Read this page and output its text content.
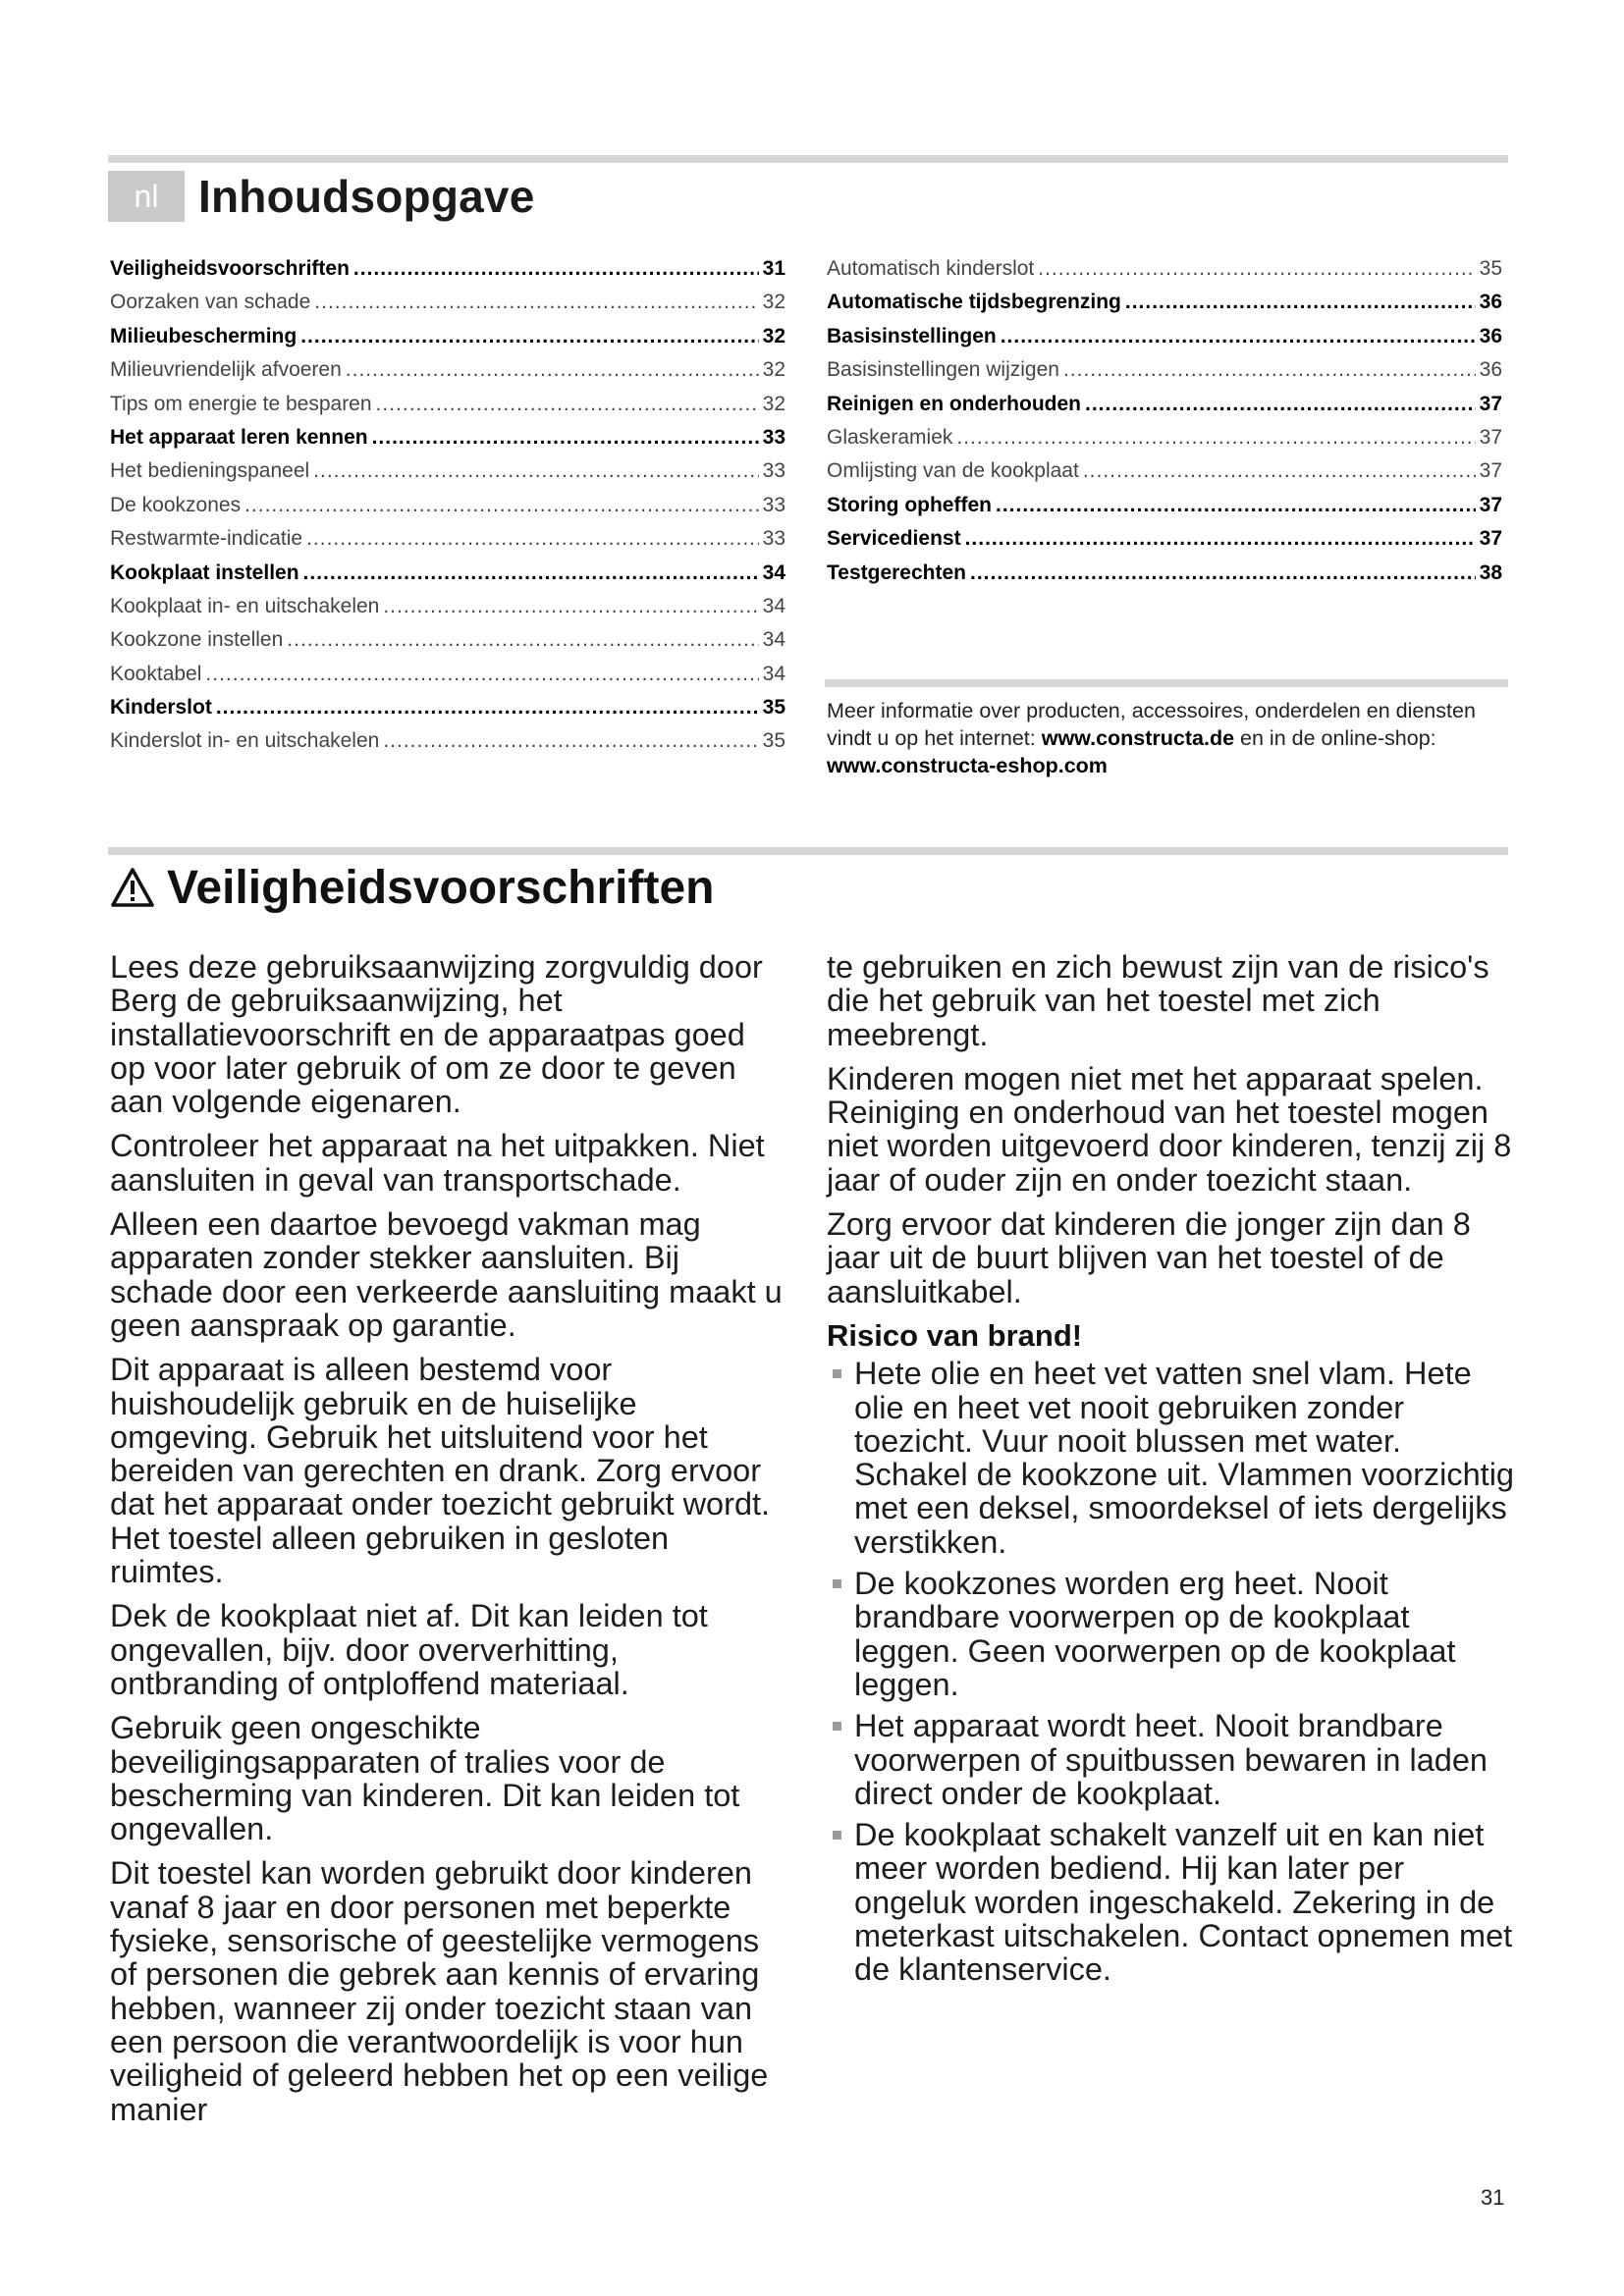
nl Inhoudsopgave
Veiligheidsvoorschriften .....	31
Oorzaken van schade .....	32
Milieubescherming .....	32
Milieuvriendelijk afvoeren .....	32
Tips om energie te besparen .....	32
Het apparaat leren kennen .....	33
Het bedieningspaneel .....	33
De kookzones .....	33
Restwarmte-indicatie .....	33
Kookplaat instellen .....	34
Kookplaat in- en uitschakelen .....	34
Kookzone instellen .....	34
Kooktabel .....	34
Kinderslot .....	35
Kinderslot in- en uitschakelen .....	35
Automatisch kinderslot .....	35
Automatische tijdsbegrenzing .....	36
Basisinstellingen .....	36
Basisinstellingen wijzigen .....	36
Reinigen en onderhouden .....	37
Glaskeramiek .....	37
Omlijsting van de kookplaat .....	37
Storing opheffen .....	37
Servicedienst .....	37
Testgerechten .....	38
Meer informatie over producten, accessoires, onderdelen en diensten vindt u op het internet: www.constructa.de en in de online-shop: www.constructa-eshop.com
Veiligheidsvoorschriften

Lees deze gebruiksaanwijzing zorgvuldig door Berg de gebruiksaanwijzing, het installatievoorschrift en de apparaatpas goed op voor later gebruik of om ze door te geven aan volgende eigenaren.

Controleer het apparaat na het uitpakken. Niet aansluiten in geval van transportschade.

Alleen een daartoe bevoegd vakman mag apparaten zonder stekker aansluiten. Bij schade door een verkeerde aansluiting maakt u geen aanspraak op garantie.

Dit apparaat is alleen bestemd voor huishoudelijk gebruik en de huiselijke omgeving. Gebruik het uitsluitend voor het bereiden van gerechten en drank. Zorg ervoor dat het apparaat onder toezicht gebruikt wordt. Het toestel alleen gebruiken in gesloten ruimtes.

Dek de kookplaat niet af. Dit kan leiden tot ongevallen, bijv. door oververhitting, ontbranding of ontploffend materiaal.

Gebruik geen ongeschikte beveiligingsapparaten of tralies voor de bescherming van kinderen. Dit kan leiden tot ongevallen.

Dit toestel kan worden gebruikt door kinderen vanaf 8 jaar en door personen met beperkte fysieke, sensorische of geestelijke vermogens of personen die gebrek aan kennis of ervaring hebben, wanneer zij onder toezicht staan van een persoon die verantwoordelijk is voor hun veiligheid of geleerd hebben het op een veilige manier

te gebruiken en zich bewust zijn van de risico's die het gebruik van het toestel met zich meebrengt.

Kinderen mogen niet met het apparaat spelen. Reiniging en onderhoud van het toestel mogen niet worden uitgevoerd door kinderen, tenzij zij 8 jaar of ouder zijn en onder toezicht staan.

Zorg ervoor dat kinderen die jonger zijn dan 8 jaar uit de buurt blijven van het toestel of de aansluitkabel.

Risico van brand!
Hete olie en heet vet vatten snel vlam. Hete olie en heet vet nooit gebruiken zonder toezicht. Vuur nooit blussen met water. Schakel de kookzone uit. Vlammen voorzichtig met een deksel, smoordeksel of iets dergelijks verstikken.
De kookzones worden erg heet. Nooit brandbare voorwerpen op de kookplaat leggen. Geen voorwerpen op de kookplaat leggen.
Het apparaat wordt heet. Nooit brandbare voorwerpen of spuitbussen bewaren in laden direct onder de kookplaat.
De kookplaat schakelt vanzelf uit en kan niet meer worden bediend. Hij kan later per ongeluk worden ingeschakeld. Zekering in de meterkast uitschakelen. Contact opnemen met de klantenservice.
31
